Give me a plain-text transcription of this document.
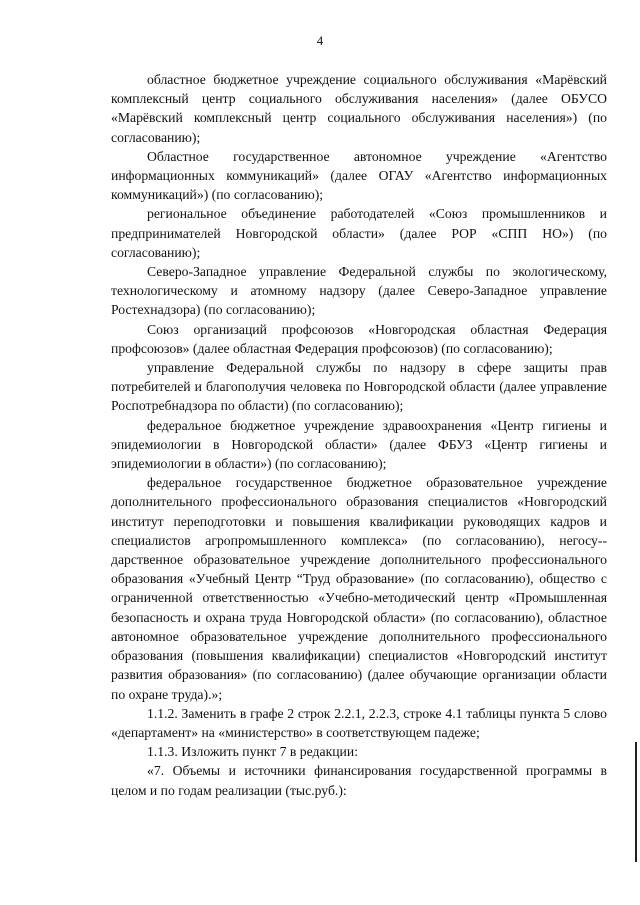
4

областное бюджетное учреждение социального обслуживания «Марёвский комплексный центр социального обслуживания населения» (далее ОБУСО «Марёвский комплексный центр социального обслуживания населения») (по согласованию);

Областное государственное автономное учреждение «Агентство информационных коммуникаций» (далее ОГАУ «Агентство информационных коммуникаций») (по согласованию);

региональное объединение работодателей «Союз промышленников и предпринимателей Новгородской области» (далее РОР «СПП НО») (по согласованию);

Северо-Западное управление Федеральной службы по экологическому, технологическому и атомному надзору (далее Северо-Западное управление Ростехнадзора) (по согласованию);

Союз организаций профсоюзов «Новгородская областная Федерация профсоюзов» (далее областная Федерация профсоюзов) (по согласованию);

управление Федеральной службы по надзору в сфере защиты прав потребителей и благополучия человека по Новгородской области (далее управление Роспотребнадзора по области) (по согласованию);

федеральное бюджетное учреждение здравоохранения «Центр гигиены и эпидемиологии в Новгородской области» (далее ФБУЗ «Центр гигиены и эпидемиологии в области») (по согласованию);

федеральное государственное бюджетное образовательное учреждение дополнительного профессионального образования специалистов «Новгородский институт переподготовки и повышения квалификации руководящих кадров и специалистов агропромышленного комплекса» (по согласованию), негосу-дарственное образовательное учреждение дополнительного профессионального образования «Учебный Центр “Труд образование» (по согласованию), общество с ограниченной ответственностью «Учебно-методический центр «Промышленная безопасность и охрана труда Новгородской области» (по согласованию), областное автономное образовательное учреждение дополнительного профессионального образования (повышения квалификации) специалистов «Новгородский институт развития образования» (по согласованию) (далее обучающие организации области по охране труда).»;

1.1.2. Заменить в графе 2 строк 2.2.1, 2.2.3, строке 4.1 таблицы пункта 5 слово «департамент» на «министерство» в соответствующем падеже;

1.1.3. Изложить пункт 7 в редакции:

«7. Объемы и источники финансирования государственной программы в целом и по годам реализации (тыс.руб.):
